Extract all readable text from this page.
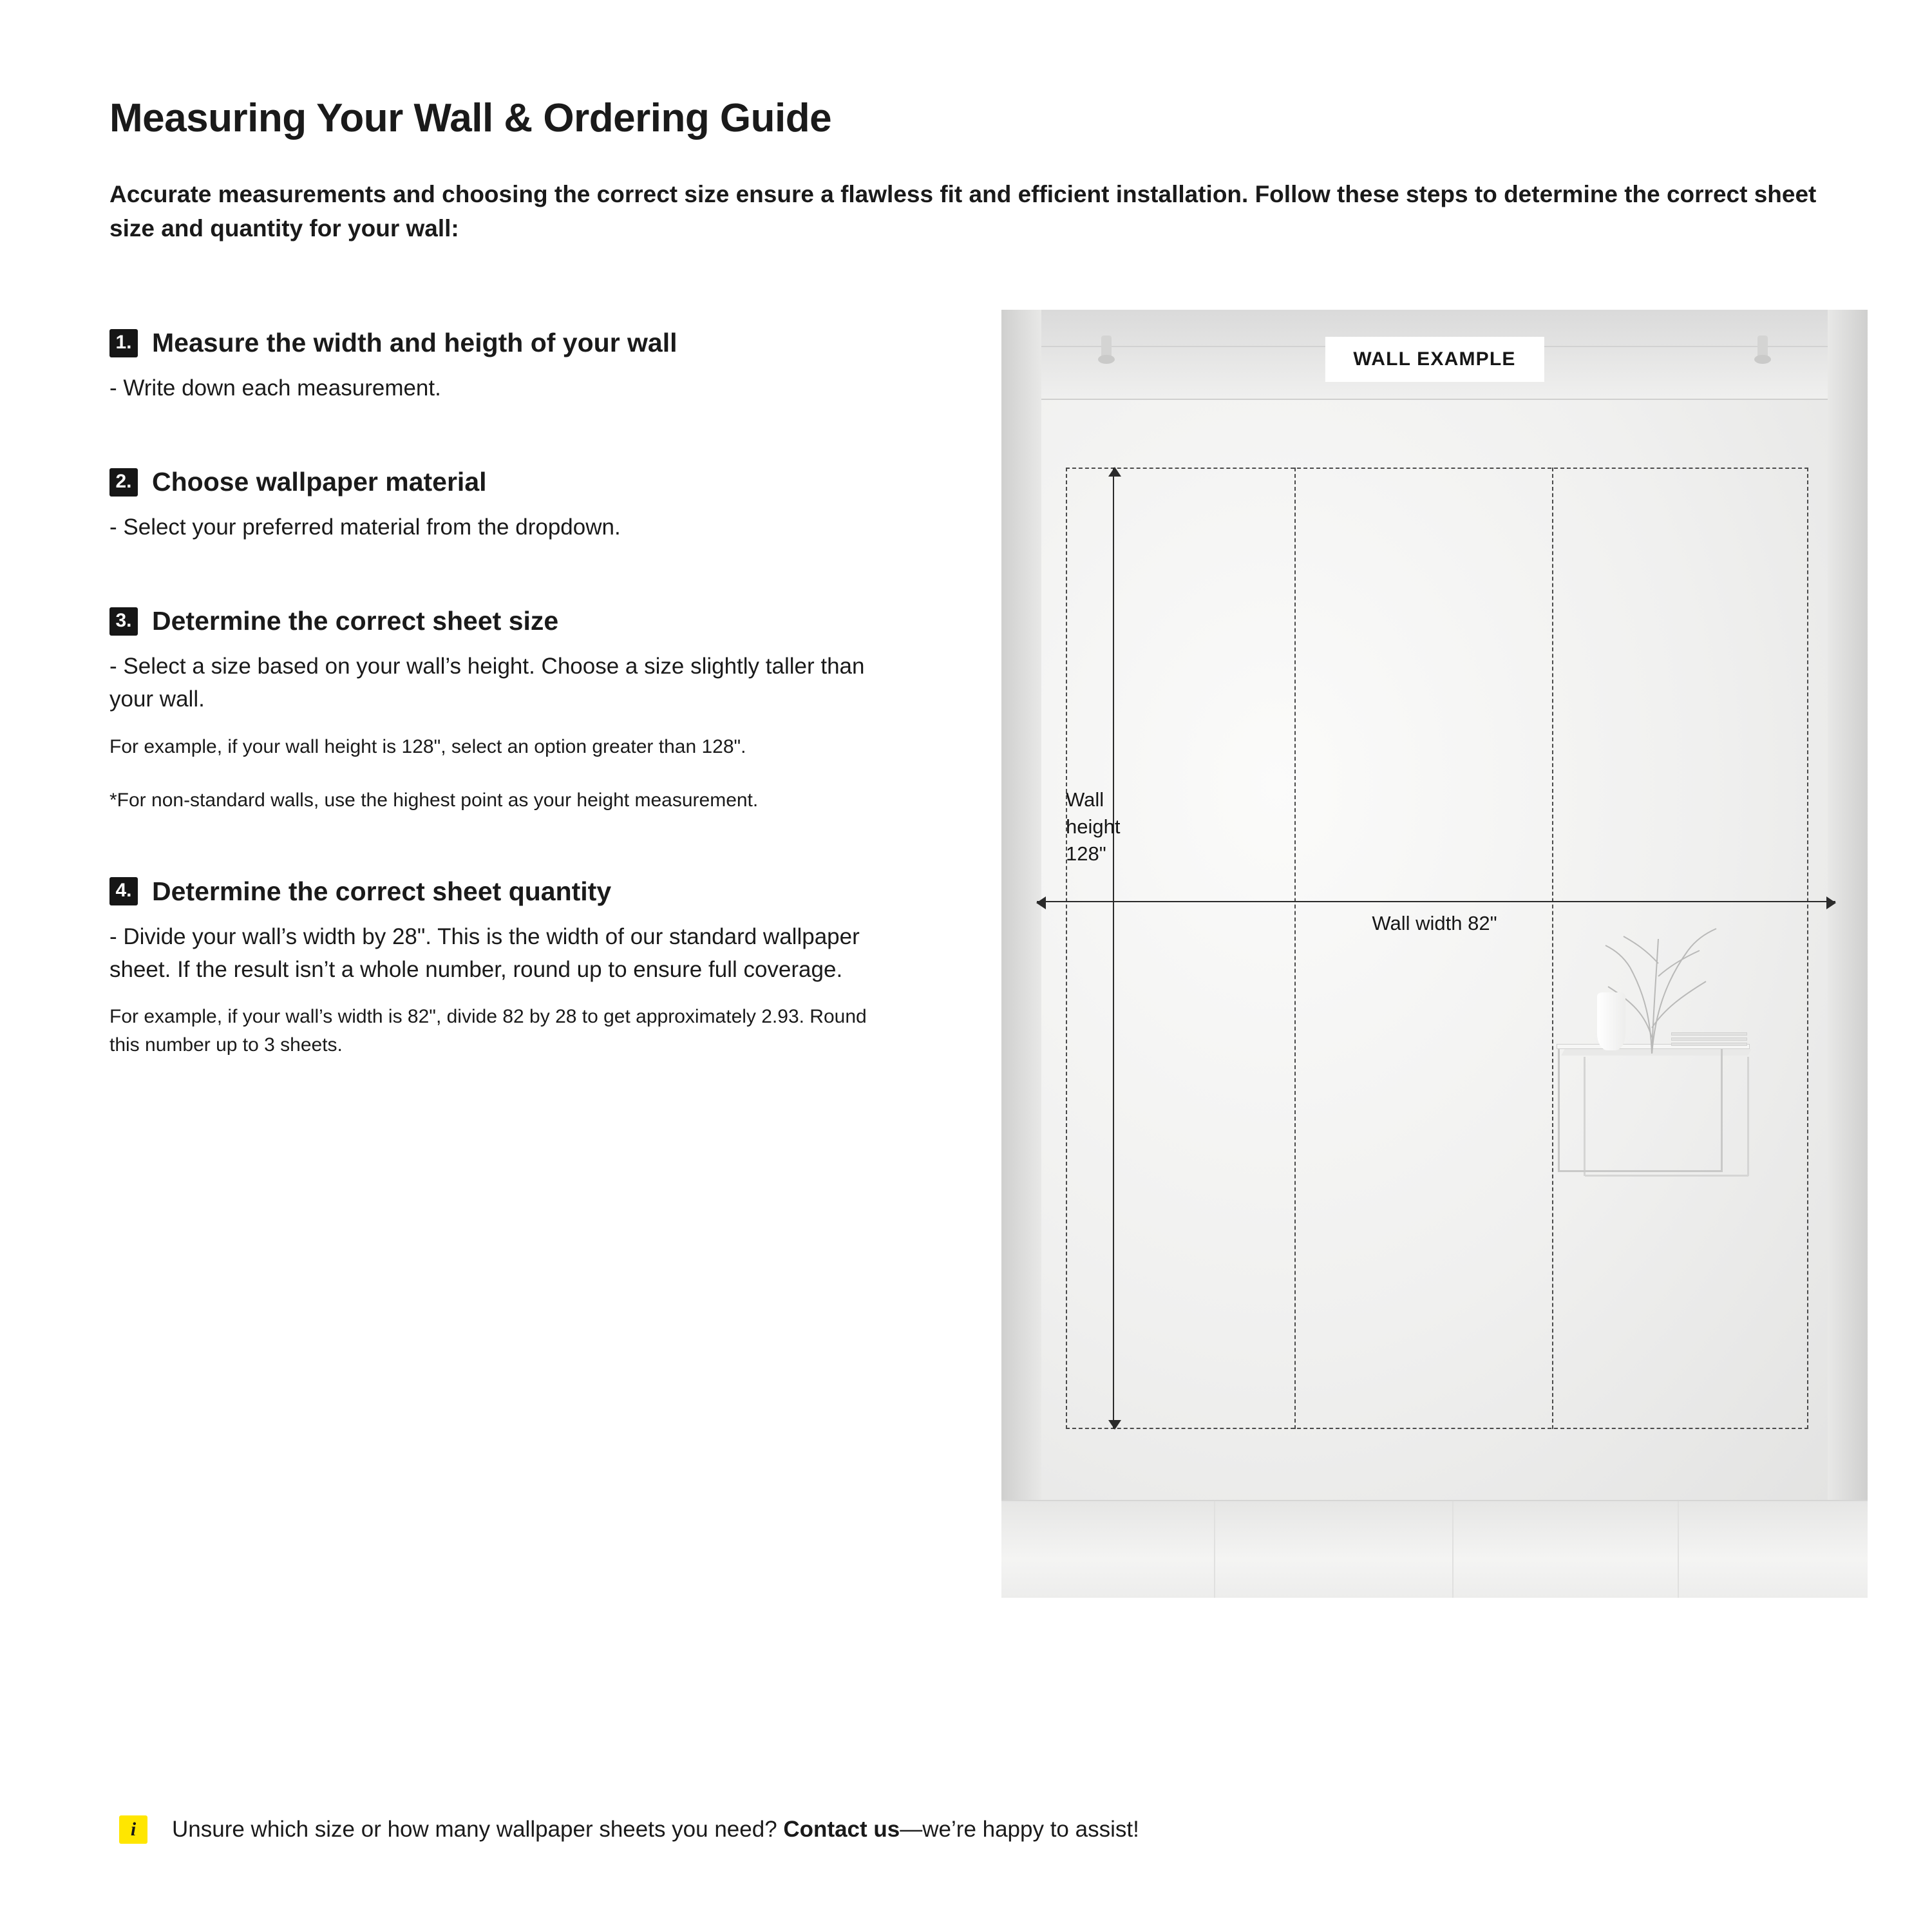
Measuring Your Wall & Ordering Guide

Accurate measurements and choosing the correct size ensure a flawless fit and efficient installation. Follow these steps to determine the correct sheet size and quantity for your wall:

1. Measure the width and heigth of your wall

- Write down each measurement.

2. Choose wallpaper material

- Select your preferred material from the dropdown.

3. Determine the correct sheet size

- Select a size based on your wall’s height. Choose a size slightly taller than your wall.

For example, if your wall height is 128", select an option greater than 128".

*For non-standard walls, use the highest point as your height measurement.

4. Determine the correct sheet quantity

- Divide your wall’s width by 28". This is the width of our standard wallpaper sheet. If the result isn’t a whole number, round up to ensure full coverage.

For example, if your wall’s width is 82", divide 82 by 28 to get approximately 2.93. Round this number up to 3 sheets.

Wall
height
128"
Wall width 82"
WALL EXAMPLE
i	Unsure which size or how many wallpaper sheets you need? Contact us—we’re happy to assist!
